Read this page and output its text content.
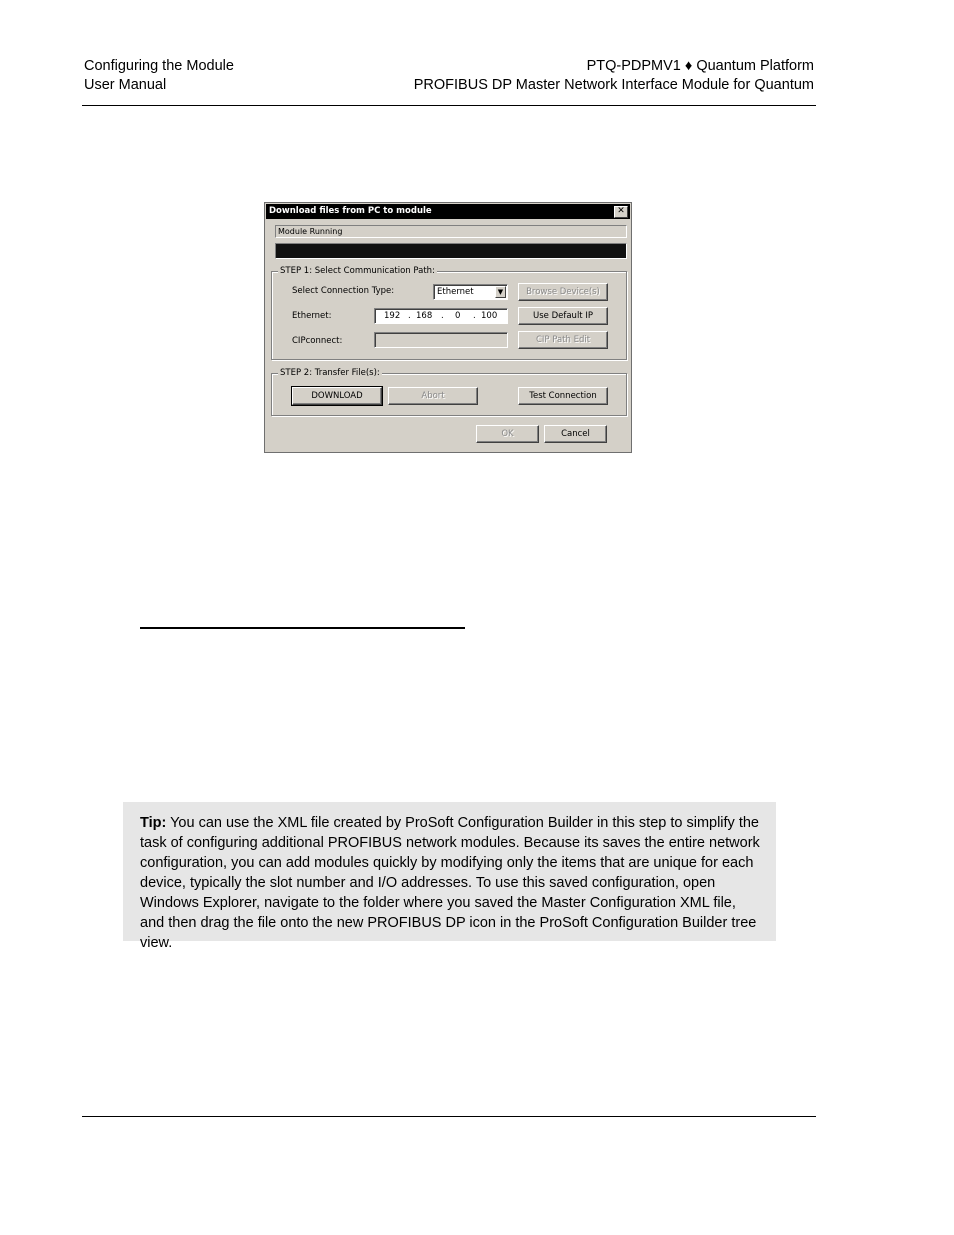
Configuring the Module
User Manual
PTQ-PDPMV1 ♦ Quantum Platform
PROFIBUS DP Master Network Interface Module for Quantum
Download files from PC to module	✕
Module Running
STEP 1: Select Communication Path:
Select Connection Type:	Ethernet	▼	Browse Device(s)
Ethernet:	192 . 168 . 0 . 100	Use Default IP
CIPconnect:	CIP Path Edit
STEP 2: Transfer File(s):
DOWNLOAD	Abort	Test Connection
OK	Cancel
Tip: You can use the XML file created by ProSoft Configuration Builder in this step to simplify the task of configuring additional PROFIBUS network modules. Because its saves the entire network configuration, you can add modules quickly by modifying only the items that are unique for each device, typically the slot number and I/O addresses. To use this saved configuration, open Windows Explorer, navigate to the folder where you saved the Master Configuration XML file, and then drag the file onto the new PROFIBUS DP icon in the ProSoft Configuration Builder tree view.
